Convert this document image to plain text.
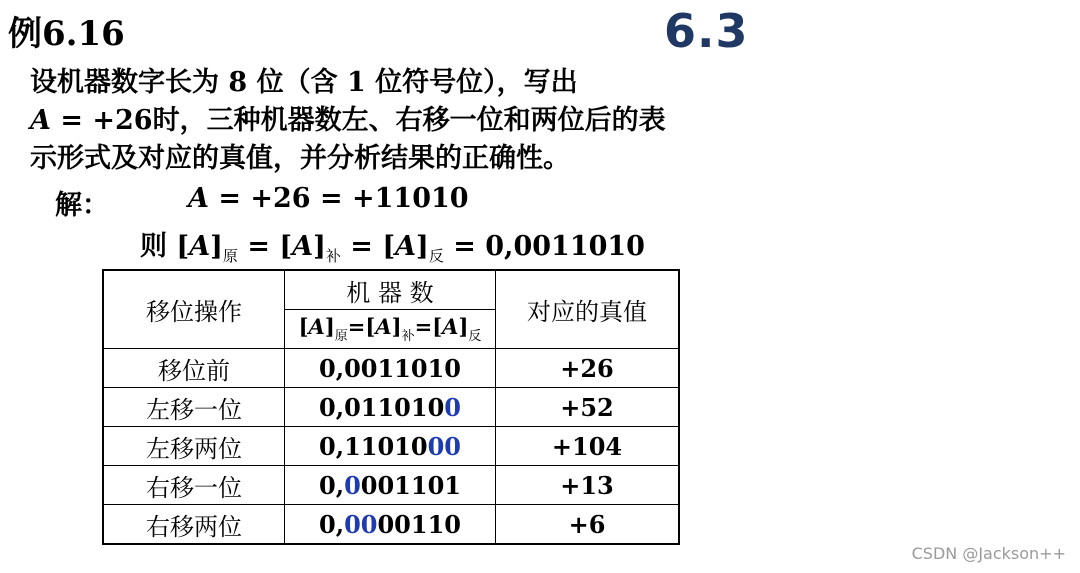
例6.16	6.3
设机器数字长为 8 位（含 1 位符号位），写出
A = +26时，三种机器数左、右移一位和两位后的表
示形式及对应的真值，并分析结果的正确性。
解：	A = +26 = +11010
则 $[A]_原 = [A]_补 = [A]_反 = 0,0011010$
移位操作	机 器 数	对应的真值
	$[A]_原=[A]_补=[A]_反$
移位前	0,0011010	+26
左移一位	0,0110100	+52
左移两位	0,1101000	+104
右移一位	0,0001101	+13
右移两位	0,0000110	+6
CSDN @Jackson++
